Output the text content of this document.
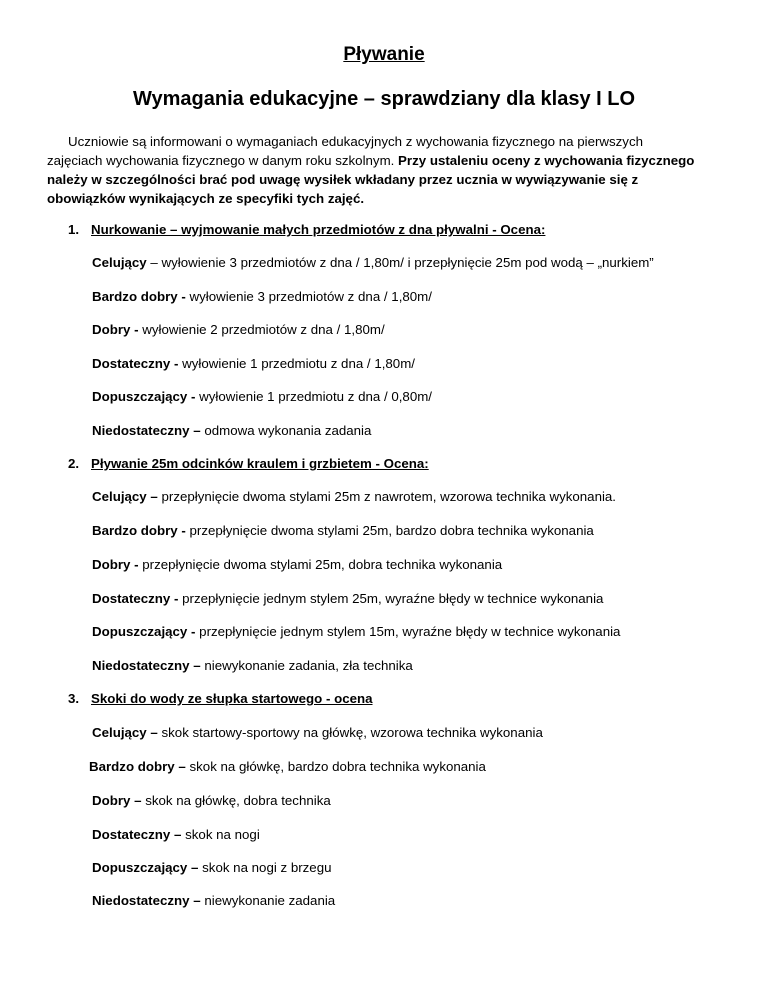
Pływanie
Wymagania edukacyjne – sprawdziany dla klasy I LO
Uczniowie są informowani o wymaganiach edukacyjnych z wychowania fizycznego na pierwszych
zajęciach wychowania fizycznego w danym roku szkolnym. Przy ustaleniu oceny z wychowania fizycznego
należy w szczególności brać pod uwagę wysiłek wkładany przez ucznia w wywiązywanie się z
obowiązków wynikających ze specyfiki tych zajęć.
1. Nurkowanie – wyjmowanie małych przedmiotów z dna pływalni - Ocena:
Celujący – wyłowienie 3 przedmiotów z dna / 1,80m/ i przepłynięcie 25m pod wodą – „nurkiem”
Bardzo dobry - wyłowienie 3 przedmiotów z dna / 1,80m/
Dobry - wyłowienie 2 przedmiotów z dna / 1,80m/
Dostateczny - wyłowienie 1 przedmiotu z dna / 1,80m/
Dopuszczający - wyłowienie 1 przedmiotu z dna / 0,80m/
Niedostateczny – odmowa wykonania zadania
2. Pływanie 25m odcinków kraulem i grzbietem - Ocena:
Celujący – przepłynięcie dwoma stylami 25m z nawrotem, wzorowa technika wykonania.
Bardzo dobry - przepłynięcie dwoma stylami 25m, bardzo dobra technika wykonania
Dobry - przepłynięcie dwoma stylami 25m, dobra technika wykonania
Dostateczny - przepłynięcie jednym stylem 25m, wyraźne błędy w technice wykonania
Dopuszczający - przepłynięcie jednym stylem 15m, wyraźne błędy w technice wykonania
Niedostateczny – niewykonanie zadania, zła technika
3. Skoki do wody ze słupka startowego - ocena
Celujący – skok startowy-sportowy na główkę, wzorowa technika wykonania
Bardzo dobry – skok na główkę, bardzo dobra technika wykonania
Dobry – skok na główkę, dobra technika
Dostateczny – skok na nogi
Dopuszczający – skok na nogi z brzegu
Niedostateczny – niewykonanie zadania
